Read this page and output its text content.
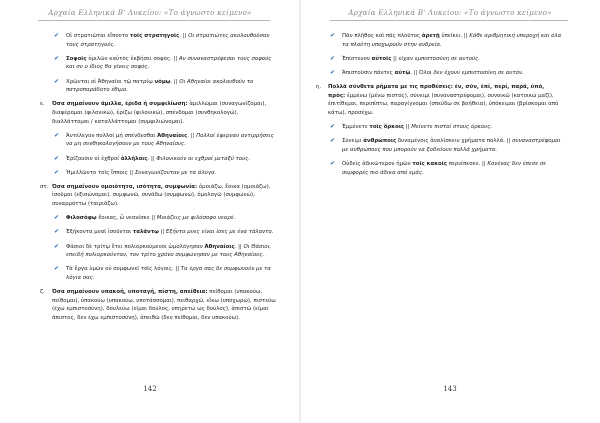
Αρχαία Ελληνικά Β' Λυκείου: «Το άγνωστο κείμενο»
✔ Οἱ στρατιῶται εἵποντο τοῖς στρατηγοῖς. || Οι στρατιώτες ακολουθούσαν τους στρατηγούς.
✔ Σοφοῖς ὁμιλῶν καὐτὸς ἐκβήσει σοφός. || Αν συναναστρέφεσαι τους σοφούς και συ ο ίδιος θα γίνεις σοφός.
✔ Χρῶνται οἱ Ἀθηναῖοι τῷ πατρίῳ νόμῳ. || Οι Αθηναίοι ακολουθούν το πατροπαράδοτο έθιμο.
ε. Όσα σημαίνουν άμιλλα, έριδα ή συμφιλίωση: ἁμιλλῶμαι (συναγωνίζομαι), διαφέρομαι (φιλονικώ), ἐρίζω (φιλονικώ), σπένδομαι (συνθηκολογώ), διαλλάττομαι / καταλλάττομαι (συμφιλιώνομαι).
✔ Ἀντέλεγον πολλοί μή σπένδεσθαι Ἀθηναίοις. || Πολλοί έφερναν αντιρρήσεις να μη συνθηκολογήσουν με τους Αθηναίους.
✔ Ἐρίζουσιν οἱ ἐχθροί ἀλλήλοις. || Φιλονικούν οι εχθροί μεταξύ τους.
✔ Ἡμιλλῶντο τοῖς ἵπποις || Συναγωνίζονταν με τα άλογα.
στ. Όσα σημαίνουν ομοιότητα, ισότητα, συμφωνία: ὁμοιάζω, ἔοικα (ομοιάζω), ἰσοῦμαι (εξισώνομαι), συμφωνῶ, συνάδω (συμφωνώ), ὁμολογῶ (συμφωνώ), συναρμόττω (ταιριάζω).
✔ Φιλοσόφῳ ἔοικας, ὦ νεανίσκε || Μοιάζεις με φιλόσοφο νεαρέ.
✔ Ἐξήκοντα μναῖ ἰσοῦνται ταλάντῳ || Εξήντα μνες είναι ίσες με ένα τάλαντο.
✔ Φάσιοι δὲ τρίτῳ ἔτει πολιορκούμενοι ὡμολόγησαν Ἀθηναίοις. || Οι Θάσιοι, επειδή πολιορκούνταν, τον τρίτο χρόνο συμφώνησαν με τους Αθηναίους.
✔ Τὰ ἔργα ὑμῶν οὐ συμφωνεῖ τοῖς λόγοις. || Τα έργα σας δε συμφωνούν με τα λόγια σας.
ζ. Όσα σημαίνουν υπακοή, υποταγή, πίστη, απείθεια: πείθομαι (υπακούω, πείθομαι), ὑπακούω (υπακούω, υποτάσσομαι), πειθαρχῶ, εἴκω (υποχωρώ), πιστεύω (έχω εμπιστοσύνη), δουλεύω (είμαι δούλος, υπηρετώ ως δούλος), ἀπιστῶ (είμαι άπιστος, δεν έχω εμπιστοσύνη), ἀπειθῶ (δεν πείθομαι, δεν υπακούω).
142
Αρχαία Ελληνικά Β' Λυκείου: «Το άγνωστο κείμενο»
✔ Πᾶν πλῆθος καὶ πᾶς πλοῦτος ἀρετῇ ὑπείκει. || Κάθε αριθμητική υπεροχή και όλα τα πλούτη υποχωρούν στην ανδρεία.
✔ Ἐπίστευον αὐτοῖς || είχαν εμπιστοσύνη σε αυτούς.
✔ Ἀπιστοῦσιν πάντες αὐτῷ. || Όλοι δεν έχουν εμπιστοσύνη σε αυτόν.
η. Πολλά σύνθετα ρήματα με τις προθέσεις: ἐν, σύν, ἐπί, περί, παρά, ὑπό, πρός: ἐμμένω (μένω πιστός), σύνειμι (συναναστρέφομαι), συνοικῶ (κατοικώ μαζί), ἐπιτίθεμαι, περιπίπτω, παραγίγνομαι (σπεύδω σε βοήθεια), ὑπόκειμαι (βρίσκομαι από κάτω), προσέχω.
✔ Ἐμμένετε τοῖς ὅρκοις || Μείνετε πιστοί στους όρκους.
✔ Σύνειμι ἀνθρώποις δυναμένοις ἀναλίσκειν χρήματα πολλά. || συναναστρέφομαι με ανθρώπους που μπορούν να ξοδεύουν πολλά χρήματα.
✔ Οὐδεὶς ἀδικῶτερον ἡμῶν τοῖς κακοῖς περιέπεσεν. || Κανένας δεν έπεσε σε συμφορές πιο άδικα από εμάς.
143
